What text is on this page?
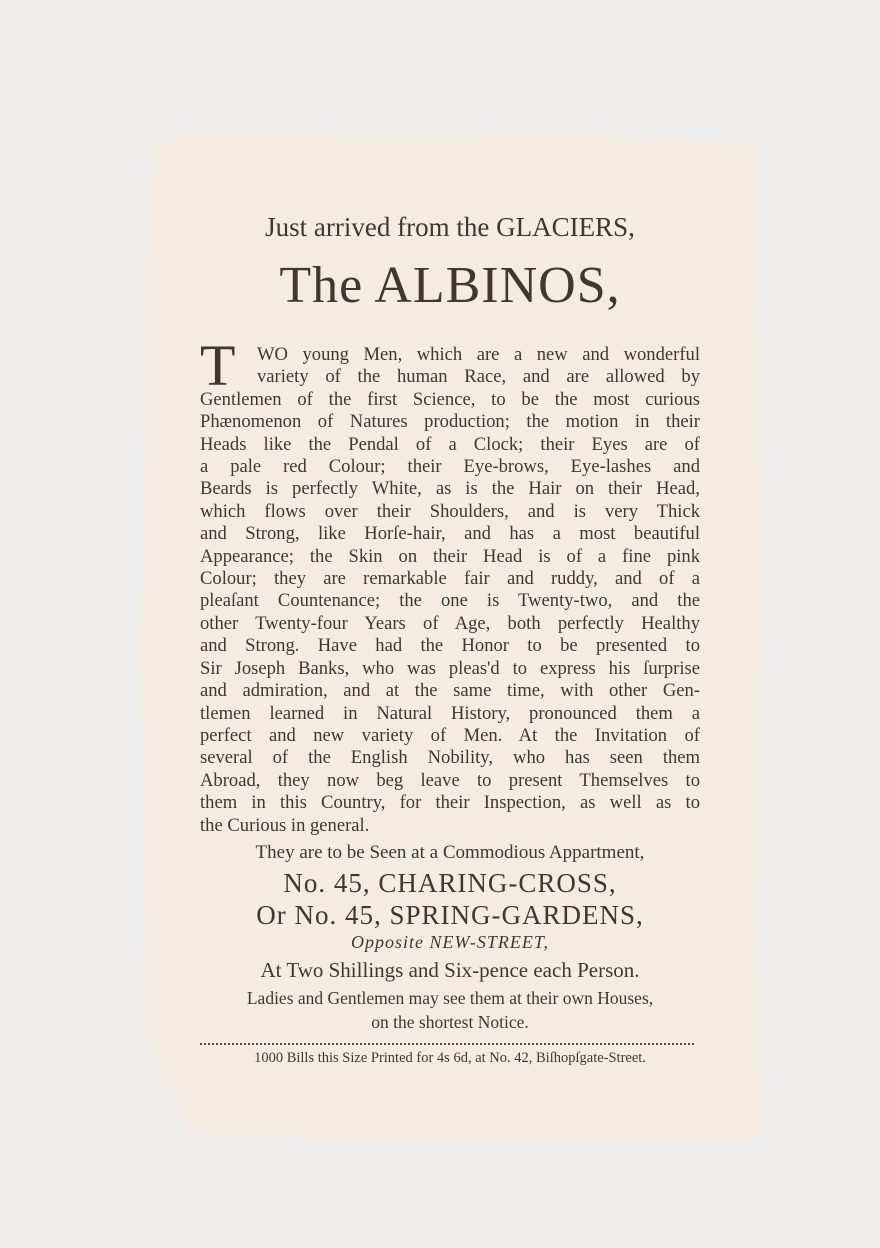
Just arrived from the GLACIERS,
The ALBINOS,
T	WO young Men, which are a new and wonderful
variety of the human Race, and are allowed by
Gentlemen of the first Science, to be the most curious
Phænomenon of Natures production; the motion in their
Heads like the Pendal of a Clock; their Eyes are of
a pale red Colour; their Eye-brows, Eye-lashes and
Beards is perfectly White, as is the Hair on their Head,
which flows over their Shoulders, and is very Thick
and Strong, like Horſe-hair, and has a most beautiful
Appearance; the Skin on their Head is of a fine pink
Colour; they are remarkable fair and ruddy, and of a
pleaſant Countenance; the one is Twenty-two, and the
other Twenty-four Years of Age, both perfectly Healthy
and Strong. Have had the Honor to be presented to
Sir Joseph Banks, who was pleas'd to express his ſurprise
and admiration, and at the same time, with other Gen-
tlemen learned in Natural History, pronounced them a
perfect and new variety of Men. At the Invitation of
several of the English Nobility, who has seen them
Abroad, they now beg leave to present Themselves to
them in this Country, for their Inspection, as well as to
the Curious in general.
They are to be Seen at a Commodious Appartment,
No. 45, CHARING-CROSS,
Or No. 45, SPRING-GARDENS,
Opposite NEW-STREET,
At Two Shillings and Six-pence each Person.
Ladies and Gentlemen may see them at their own Houses,
on the shortest Notice.
1000 Bills this Size Printed for 4s 6d, at No. 42, Biſhopſgate-Street.
